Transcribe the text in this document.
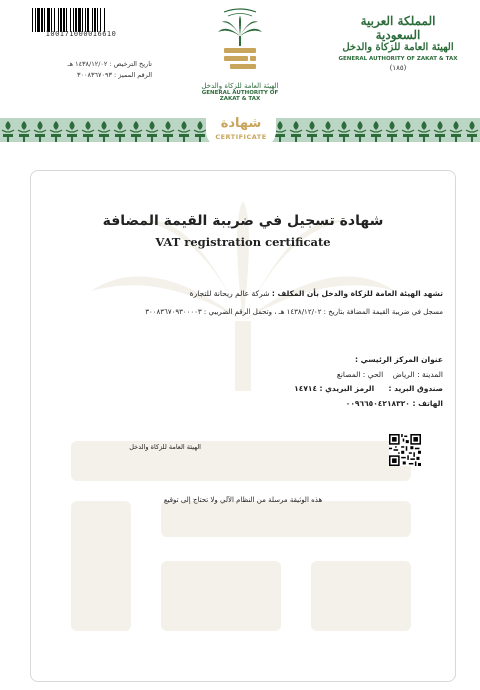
100171000016610
تاريخ الترخيص : ١٤٣٨/١٢/٠٢ هـ
الرقم المميز : ٣٠٠٨٣٦٧٠٩٣
الهيئة العامة للزكاة والدخل
GENERAL AUTHORITY OF ZAKAT & TAX
المملكة العربية السعودية
الهيئة العامة للزكاة والدخل
GENERAL AUTHORITY OF ZAKAT & TAX
(١٨٥)
شهادة
CERTIFICATE
شهادة تسجيل في ضريبة القيمة المضافة
VAT registration certificate
تشهد الهيئة العامة للزكاة والدخل بأن المكلف : شركة عالم ريحانة للتجارة
مسجل في ضريبة القيمة المضافة بتاريخ : ١٤٣٨/١٢/٠٢ هـ ، وتحمل الرقم الضريبي : ٣٠٠٨٣٦٧٠٩٣٠٠٠٠٣
عنوان المركز الرئيسي :
المدينة : الرياض    الحي : المصانع
صندوق البريد :      الرمز البريدي : ١٤٧١٤
الهاتف : ٠٠٩٦٦٥٠٤٢١٨٣٢٠
الهيئة العامة للزكاة والدخل
هذه الوثيقة مرسلة من النظام الآلي ولا تحتاج إلى توقيع
